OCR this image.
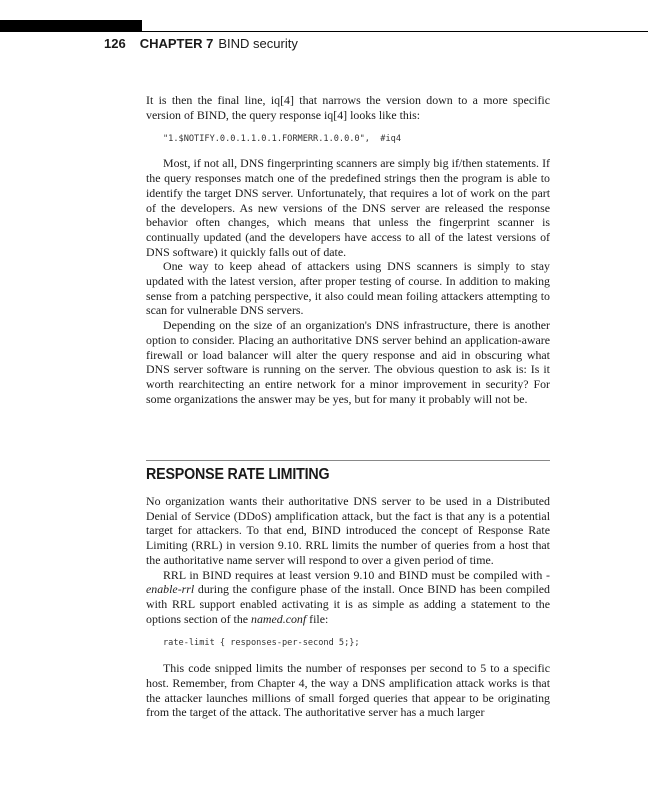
126 CHAPTER 7 BIND security

It is then the final line, iq[4] that narrows the version down to a more specific version of BIND, the query response iq[4] looks like this:

"1.$NOTIFY.0.0.1.1.0.1.FORMERR.1.0.0.0",  #iq4

Most, if not all, DNS fingerprinting scanners are simply big if/then statements. If the query responses match one of the predefined strings then the program is able to identify the target DNS server. Unfortunately, that requires a lot of work on the part of the developers. As new versions of the DNS server are released the response behavior often changes, which means that unless the fingerprint scanner is continually updated (and the developers have access to all of the latest versions of DNS software) it quickly falls out of date.

One way to keep ahead of attackers using DNS scanners is simply to stay updated with the latest version, after proper testing of course. In addition to making sense from a patching perspective, it also could mean foiling attackers attempting to scan for vulnerable DNS servers.

Depending on the size of an organization's DNS infrastructure, there is another option to consider. Placing an authoritative DNS server behind an application-aware firewall or load balancer will alter the query response and aid in obscuring what DNS server software is running on the server. The obvious question to ask is: Is it worth rearchitecting an entire network for a minor improvement in security? For some organizations the answer may be yes, but for many it probably will not be.

RESPONSE RATE LIMITING

No organization wants their authoritative DNS server to be used in a Distributed Denial of Service (DDoS) amplification attack, but the fact is that any is a potential target for attackers. To that end, BIND introduced the concept of Response Rate Limiting (RRL) in version 9.10. RRL limits the number of queries from a host that the authoritative name server will respond to over a given period of time.

RRL in BIND requires at least version 9.10 and BIND must be compiled with -enable-rrl during the configure phase of the install. Once BIND has been compiled with RRL support enabled activating it is as simple as adding a statement to the options section of the named.conf file:

rate-limit { responses-per-second 5;};

This code snipped limits the number of responses per second to 5 to a specific host. Remember, from Chapter 4, the way a DNS amplification attack works is that the attacker launches millions of small forged queries that appear to be originating from the target of the attack. The authoritative server has a much larger
